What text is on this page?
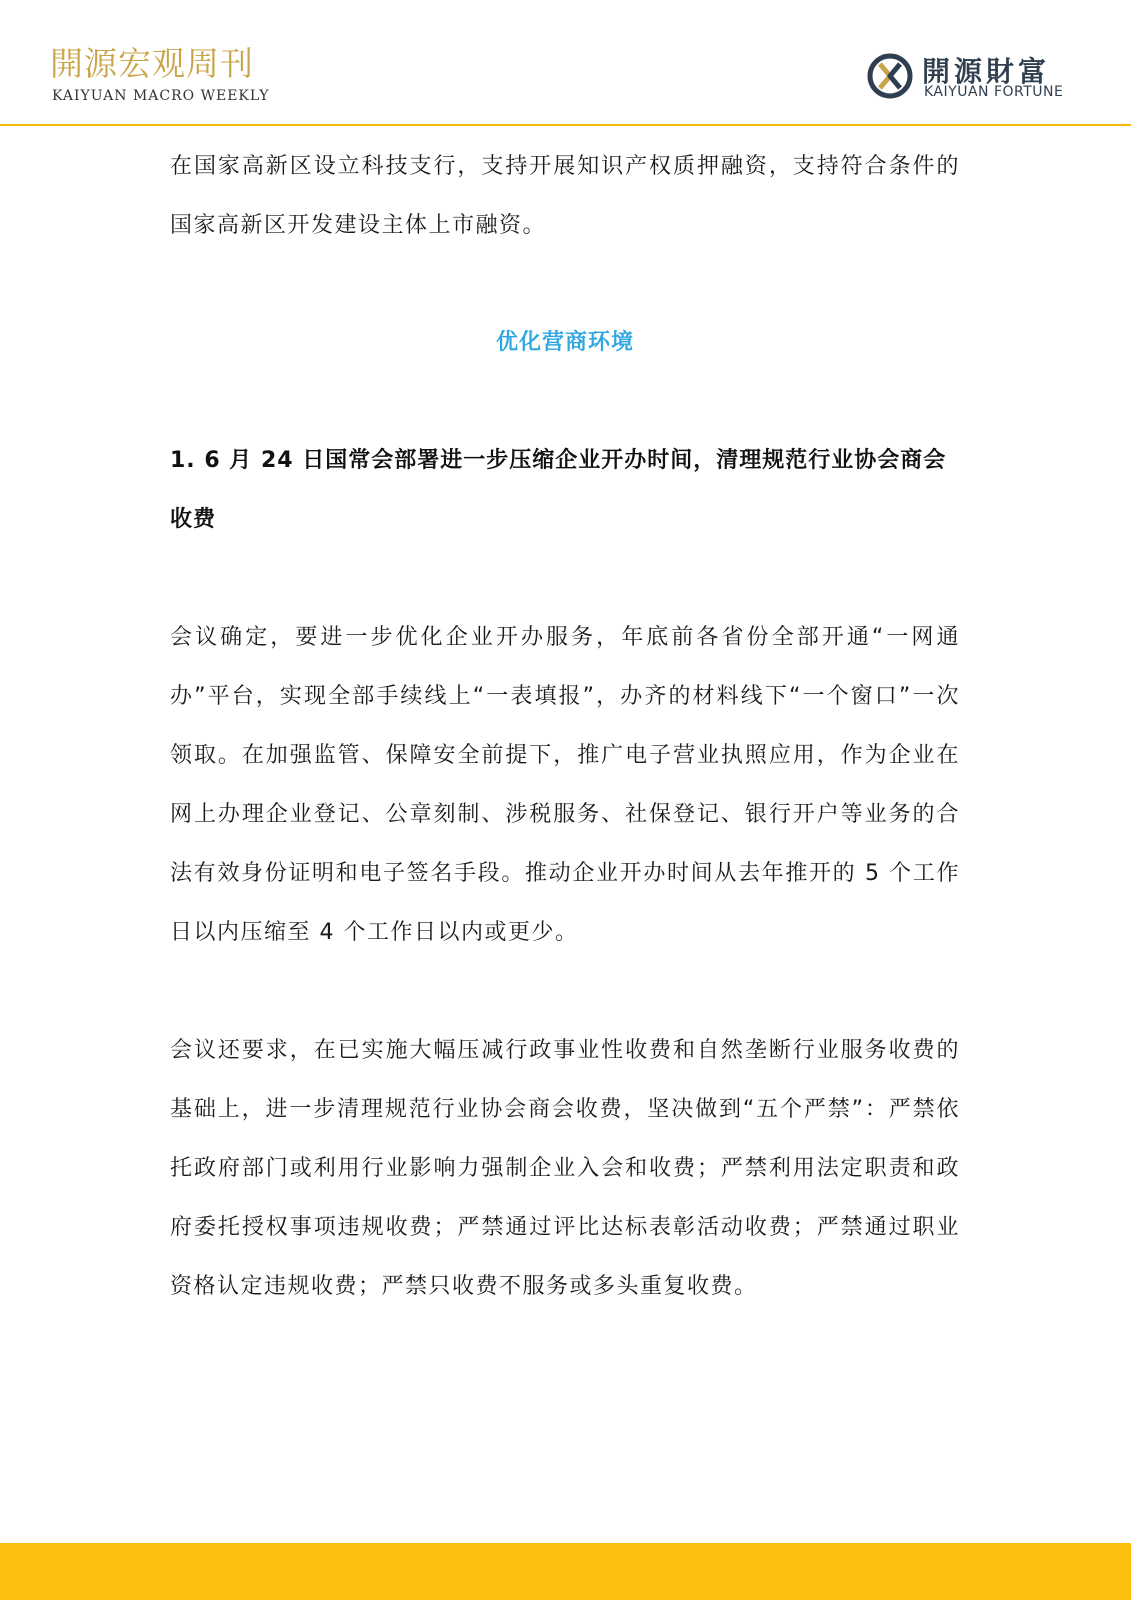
開源宏观周刊
KAIYUAN MACRO WEEKLY
開源財富
KAIYUAN FORTUNE

在国家高新区设立科技支行，支持开展知识产权质押融资，支持符合条件的国家高新区开发建设主体上市融资。

优化营商环境
1. 6 月 24 日国常会部署进一步压缩企业开办时间，清理规范行业协会商会收费

会议确定，要进一步优化企业开办服务，年底前各省份全部开通“一网通办”平台，实现全部手续线上“一表填报”，办齐的材料线下“一个窗口”一次领取。在加强监管、保障安全前提下，推广电子营业执照应用，作为企业在网上办理企业登记、公章刻制、涉税服务、社保登记、银行开户等业务的合法有效身份证明和电子签名手段。推动企业开办时间从去年推开的 5 个工作日以内压缩至 4 个工作日以内或更少。

会议还要求，在已实施大幅压减行政事业性收费和自然垄断行业服务收费的基础上，进一步清理规范行业协会商会收费，坚决做到“五个严禁”：严禁依托政府部门或利用行业影响力强制企业入会和收费；严禁利用法定职责和政府委托授权事项违规收费；严禁通过评比达标表彰活动收费；严禁通过职业资格认定违规收费；严禁只收费不服务或多头重复收费。
